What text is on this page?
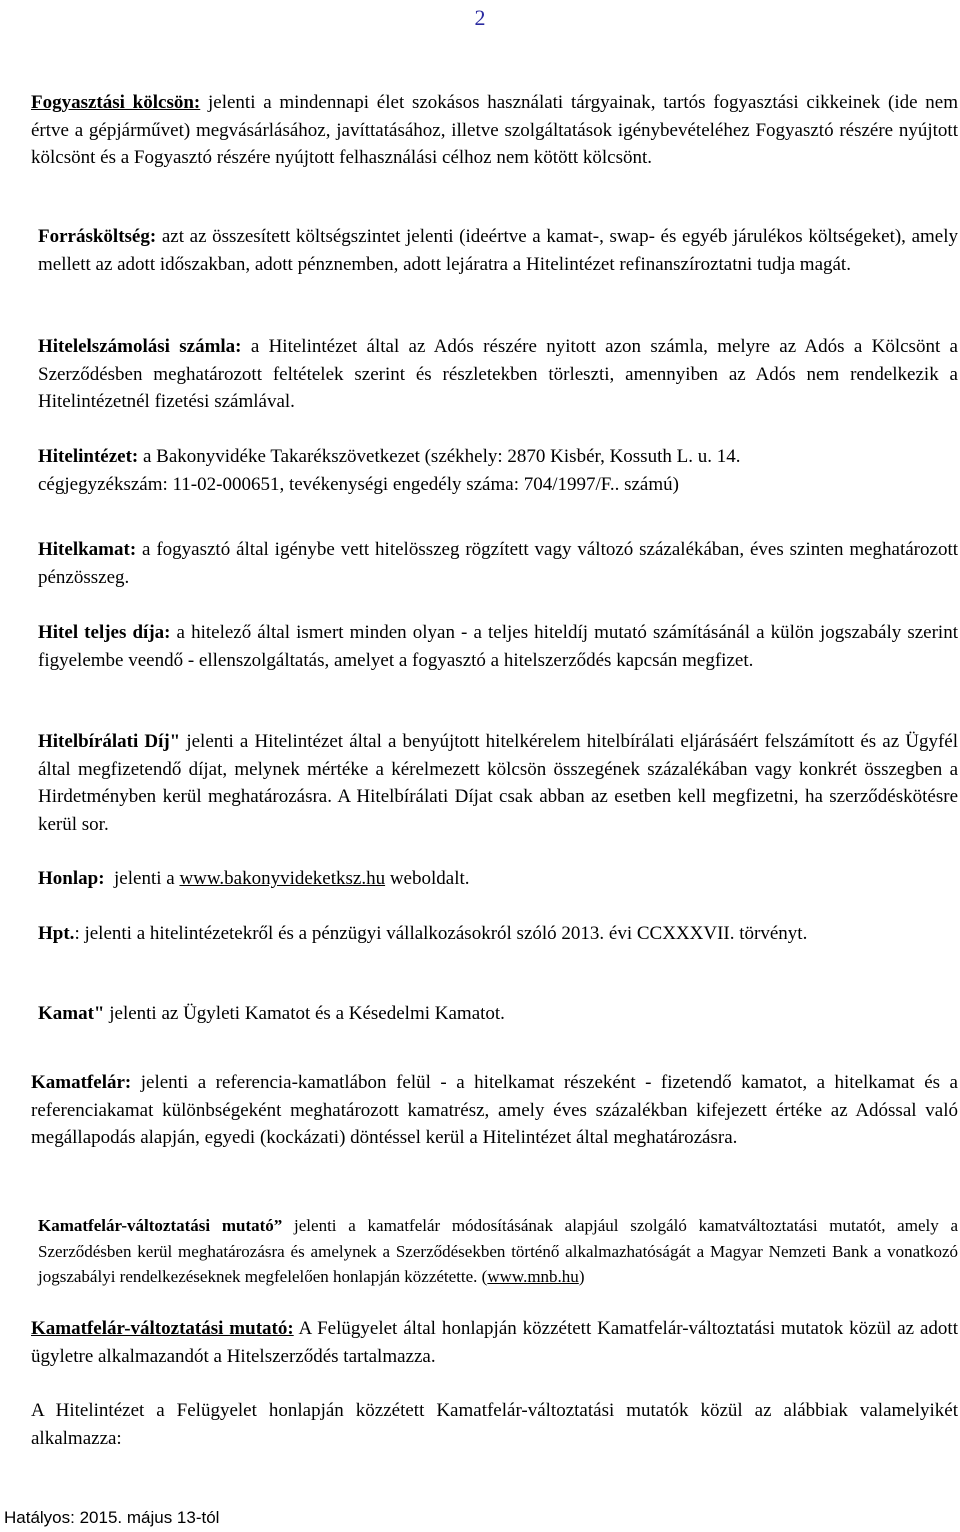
2

Fogyasztási kölcsön: jelenti a mindennapi élet szokásos használati tárgyainak, tartós fogyasztási cikkeinek (ide nem értve a gépjárművet) megvásárlásához, javíttatásához, illetve szolgáltatások igénybevételéhez Fogyasztó részére nyújtott kölcsönt és a Fogyasztó részére nyújtott felhasználási célhoz nem kötött kölcsönt.

Forrásköltség: azt az összesített költségszintet jelenti (ideértve a kamat-, swap- és egyéb járulékos költségeket), amely mellett az adott időszakban, adott pénznemben, adott lejáratra a Hitelintézet refinanszíroztatni tudja magát.

Hitelelszámolási számla: a Hitelintézet által az Adós részére nyitott azon számla, melyre az Adós a Kölcsönt a Szerződésben meghatározott feltételek szerint és részletekben törleszti, amennyiben az Adós nem rendelkezik a Hitelintézetnél fizetési számlával.

Hitelintézet: a Bakonyvidéke Takarékszövetkezet (székhely: 2870 Kisbér, Kossuth L. u. 14.
cégjegyzékszám: 11-02-000651, tevékenységi engedély száma: 704/1997/F.. számú)

Hitelkamat: a fogyasztó által igénybe vett hitelösszeg rögzített vagy változó százalékában, éves szinten meghatározott pénzösszeg.

Hitel teljes díja: a hitelező által ismert minden olyan - a teljes hiteldíj mutató számításánál a külön jogszabály szerint figyelembe veendő - ellenszolgáltatás, amelyet a fogyasztó a hitelszerződés kapcsán megfizet.

Hitelbírálati Díj" jelenti a Hitelintézet által a benyújtott hitelkérelem hitelbírálati eljárásáért felszámított és az Ügyfél által megfizetendő díjat, melynek mértéke a kérelmezett kölcsön összegének százalékában vagy konkrét összegben a Hirdetményben kerül meghatározásra. A Hitelbírálati Díjat csak abban az esetben kell megfizetni, ha szerződéskötésre kerül sor.

Honlap:  jelenti a www.bakonyvideketksz.hu weboldalt.

Hpt.: jelenti a hitelintézetekről és a pénzügyi vállalkozásokról szóló 2013. évi CCXXXVII. törvényt.

Kamat" jelenti az Ügyleti Kamatot és a Késedelmi Kamatot.

Kamatfelár: jelenti a referencia-kamatlábon felül - a hitelkamat részeként - fizetendő kamatot, a hitelkamat és a referenciakamat különbségeként meghatározott kamatrész, amely éves százalékban kifejezett értéke az Adóssal való megállapodás alapján, egyedi (kockázati) döntéssel kerül a Hitelintézet által meghatározásra.

Kamatfelár-változtatási mutató” jelenti a kamatfelár módosításának alapjául szolgáló kamatváltoztatási mutatót, amely a Szerződésben kerül meghatározásra és amelynek a Szerződésekben történő alkalmazhatóságát a Magyar Nemzeti Bank a vonatkozó jogszabályi rendelkezéseknek megfelelően honlapján közzétette. (www.mnb.hu)

Kamatfelár-változtatási mutató: A Felügyelet által honlapján közzétett Kamatfelár-változtatási mutatok közül az adott ügyletre alkalmazandót a Hitelszerződés tartalmazza.

A Hitelintézet a Felügyelet honlapján közzétett Kamatfelár-változtatási mutatók közül az alábbiak valamelyikét alkalmazza:

Hatályos: 2015. május 13-tól
